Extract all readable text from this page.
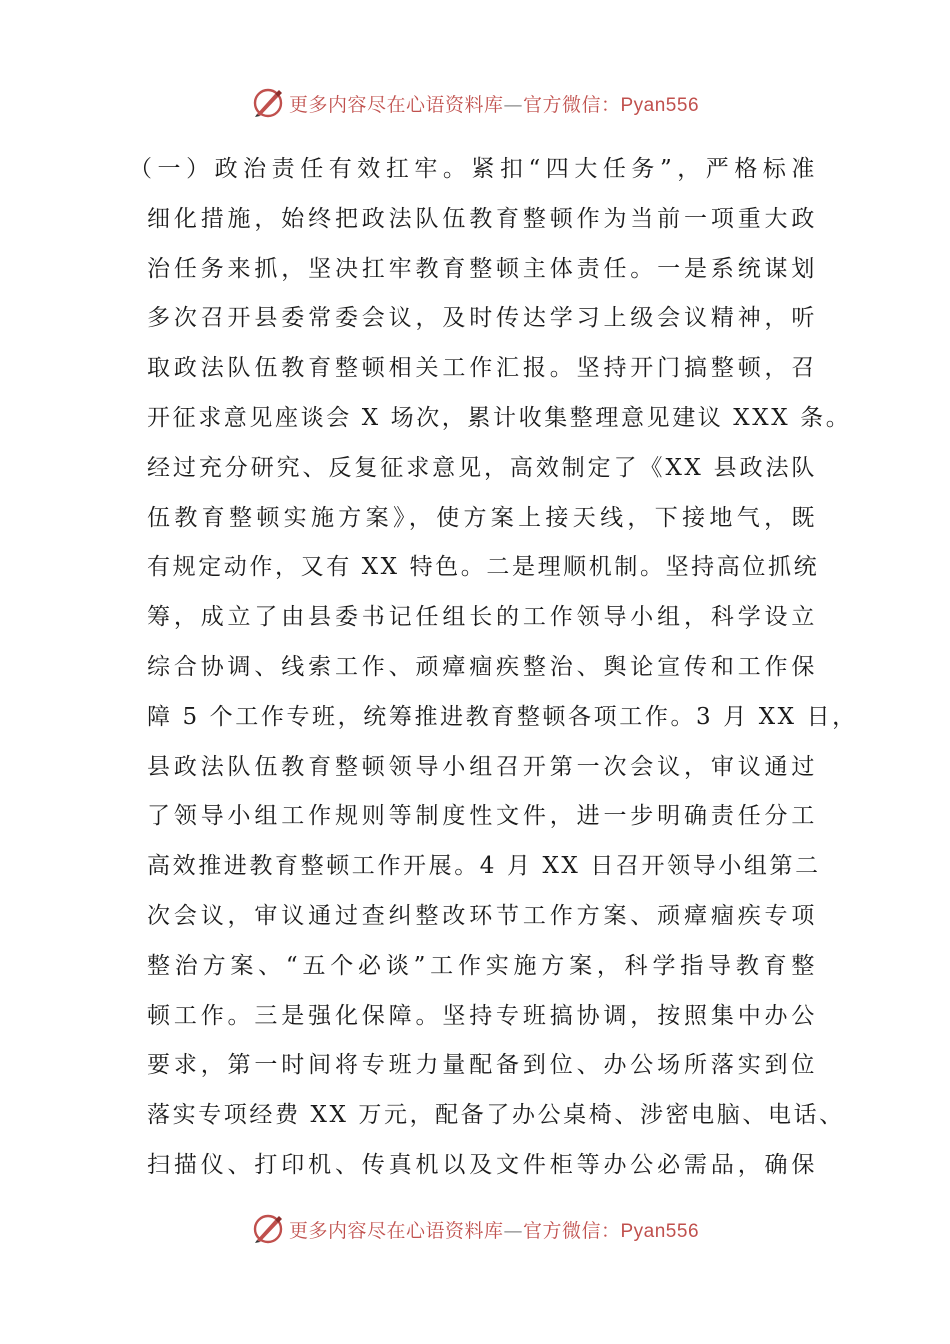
更多内容尽在心语资料库—官方微信：Pyan556
（一）政治责任有效扛牢。紧扣“四大任务”，严格标准
细化措施，始终把政法队伍教育整顿作为当前一项重大政
治任务来抓，坚决扛牢教育整顿主体责任。一是系统谋划
多次召开县委常委会议，及时传达学习上级会议精神，听
取政法队伍教育整顿相关工作汇报。坚持开门搞整顿，召
开征求意见座谈会 X 场次，累计收集整理意见建议 XXX 条。
经过充分研究、反复征求意见，高效制定了《XX 县政法队
伍教育整顿实施方案》，使方案上接天线，下接地气，既
有规定动作，又有 XX 特色。二是理顺机制。坚持高位抓统
筹，成立了由县委书记任组长的工作领导小组，科学设立
综合协调、线索工作、顽瘴痼疾整治、舆论宣传和工作保
障 5 个工作专班，统筹推进教育整顿各项工作。3 月 XX 日，
县政法队伍教育整顿领导小组召开第一次会议，审议通过
了领导小组工作规则等制度性文件，进一步明确责任分工
高效推进教育整顿工作开展。4 月 XX 日召开领导小组第二
次会议，审议通过查纠整改环节工作方案、顽瘴痼疾专项
整治方案、“五个必谈”工作实施方案，科学指导教育整
顿工作。三是强化保障。坚持专班搞协调，按照集中办公
要求，第一时间将专班力量配备到位、办公场所落实到位
落实专项经费 XX 万元，配备了办公桌椅、涉密电脑、电话、
扫描仪、打印机、传真机以及文件柜等办公必需品，确保
更多内容尽在心语资料库—官方微信：Pyan556
